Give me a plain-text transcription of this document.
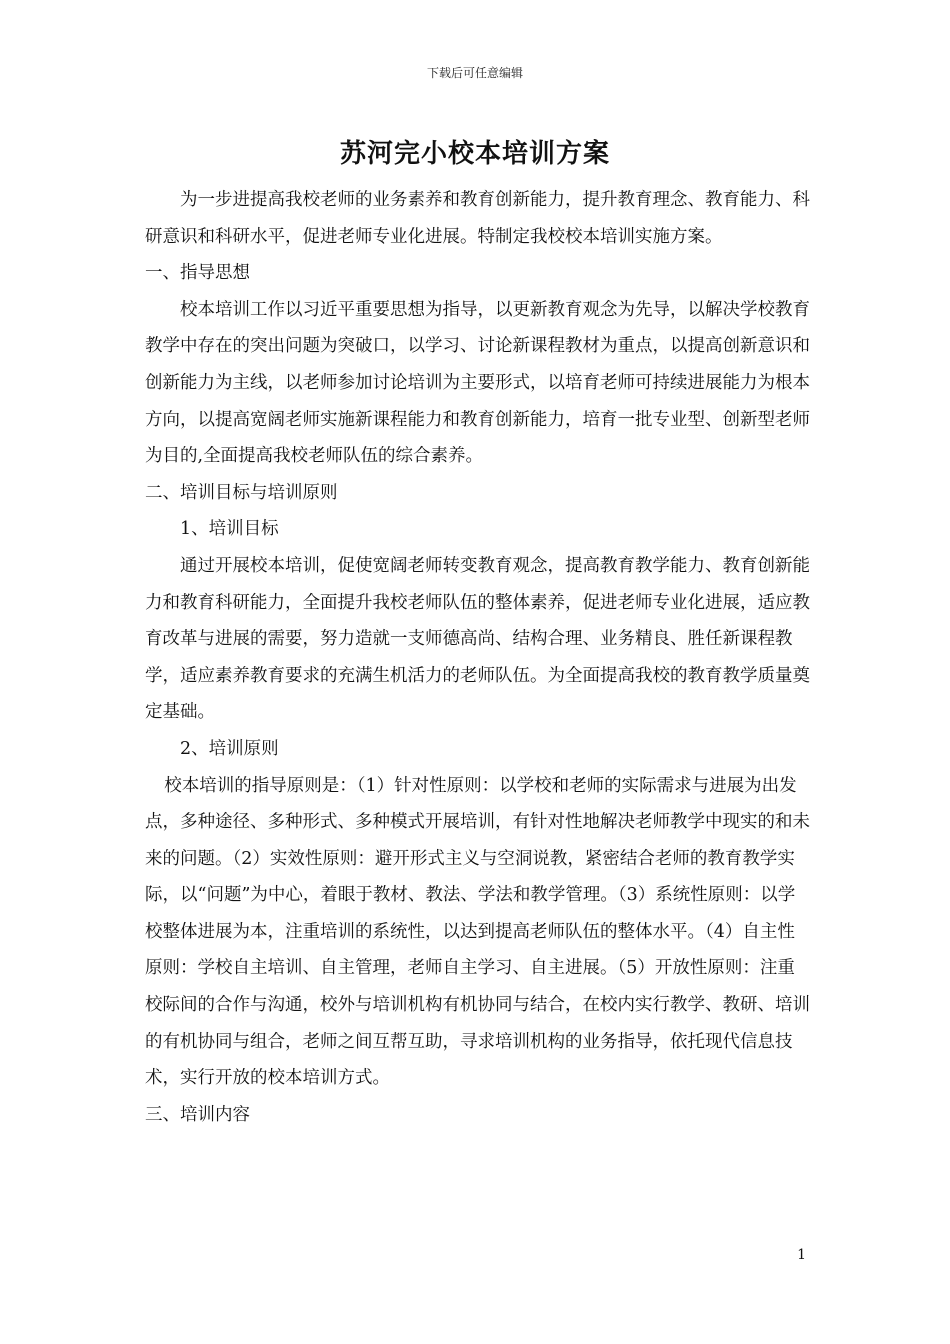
下载后可任意编辑
苏河完小校本培训方案

为一步进提高我校老师的业务素养和教育创新能力，提升教育理念、教育能力、科研意识和科研水平，促进老师专业化进展。特制定我校校本培训实施方案。

一、指导思想

校本培训工作以习近平重要思想为指导，以更新教育观念为先导，以解决学校教育教学中存在的突出问题为突破口，以学习、讨论新课程教材为重点，以提高创新意识和创新能力为主线，以老师参加讨论培训为主要形式，以培育老师可持续进展能力为根本方向，以提高宽阔老师实施新课程能力和教育创新能力，培育一批专业型、创新型老师为目的,全面提高我校老师队伍的综合素养。

二、培训目标与培训原则

1、培训目标

通过开展校本培训，促使宽阔老师转变教育观念，提高教育教学能力、教育创新能力和教育科研能力，全面提升我校老师队伍的整体素养，促进老师专业化进展，适应教育改革与进展的需要，努力造就一支师德高尚、结构合理、业务精良、胜任新课程教学，适应素养教育要求的充满生机活力的老师队伍。为全面提高我校的教育教学质量奠定基础。

2、培训原则

校本培训的指导原则是：（1）针对性原则：以学校和老师的实际需求与进展为出发点，多种途径、多种形式、多种模式开展培训，有针对性地解决老师教学中现实的和未来的问题。（2）实效性原则：避开形式主义与空洞说教，紧密结合老师的教育教学实际，以“问题”为中心，着眼于教材、教法、学法和教学管理。（3）系统性原则：以学校整体进展为本，注重培训的系统性，以达到提高老师队伍的整体水平。（4）自主性原则：学校自主培训、自主管理，老师自主学习、自主进展。（5）开放性原则：注重校际间的合作与沟通，校外与培训机构有机协同与结合，在校内实行教学、教研、培训的有机协同与组合，老师之间互帮互助，寻求培训机构的业务指导，依托现代信息技术，实行开放的校本培训方式。

三、培训内容

1
